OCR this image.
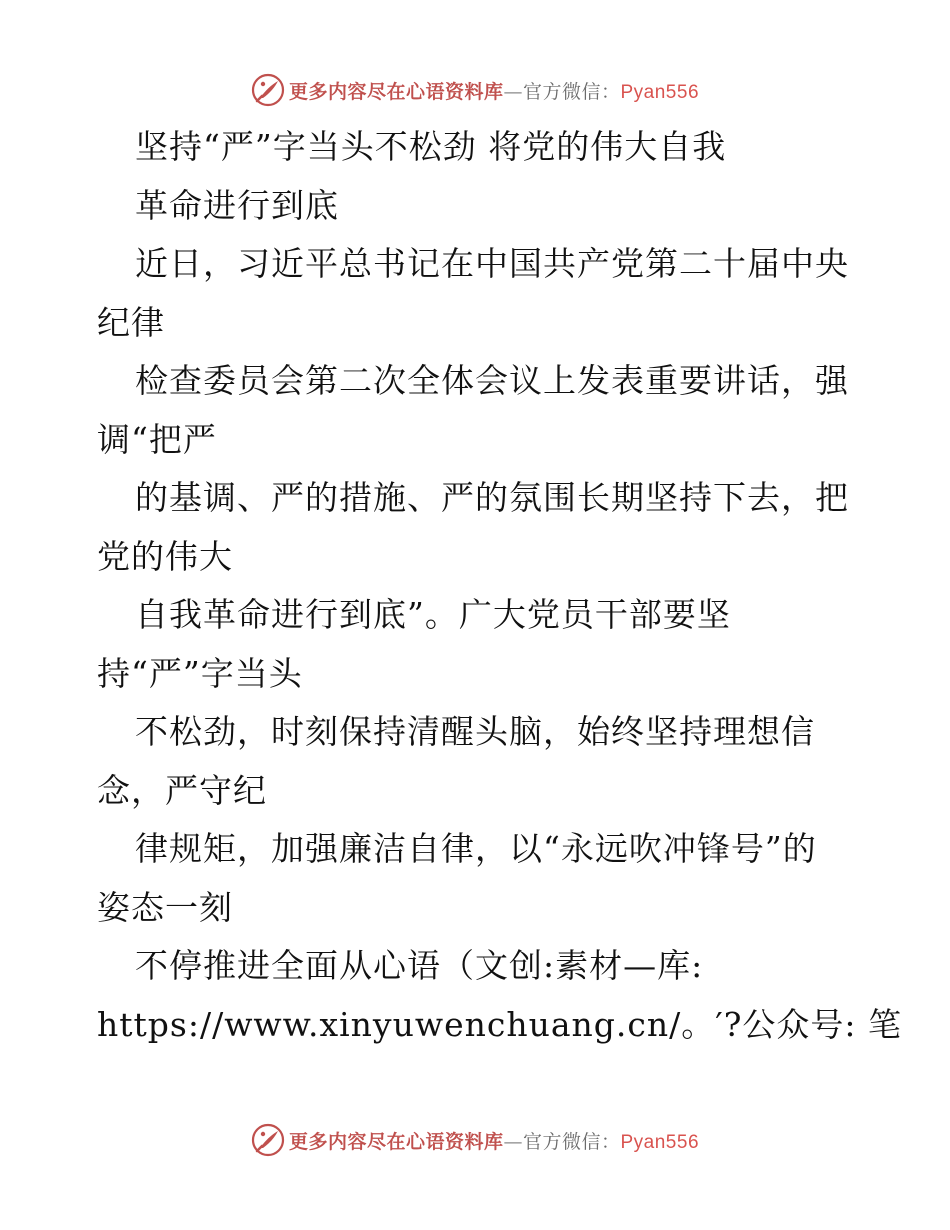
更多内容尽在心语资料库—官方微信：Pyan556
坚持“严”字当头不松劲 将党的伟大自我
革命进行到底
近日，习近平总书记在中国共产党第二十届中央
纪律
检查委员会第二次全体会议上发表重要讲话，强
调“把严
的基调、严的措施、严的氛围长期坚持下去，把
党的伟大
自我革命进行到底”。广大党员干部要坚
持“严”字当头
不松劲，时刻保持清醒头脑，始终坚持理想信
念，严守纪
律规矩，加强廉洁自律，以“永远吹冲锋号”的
姿态一刻
不停推进全面从心语（文创:素材—库:
https://www.xinyuwenchuang.cn/。′?公众号: 笔
更多内容尽在心语资料库—官方微信：Pyan556
